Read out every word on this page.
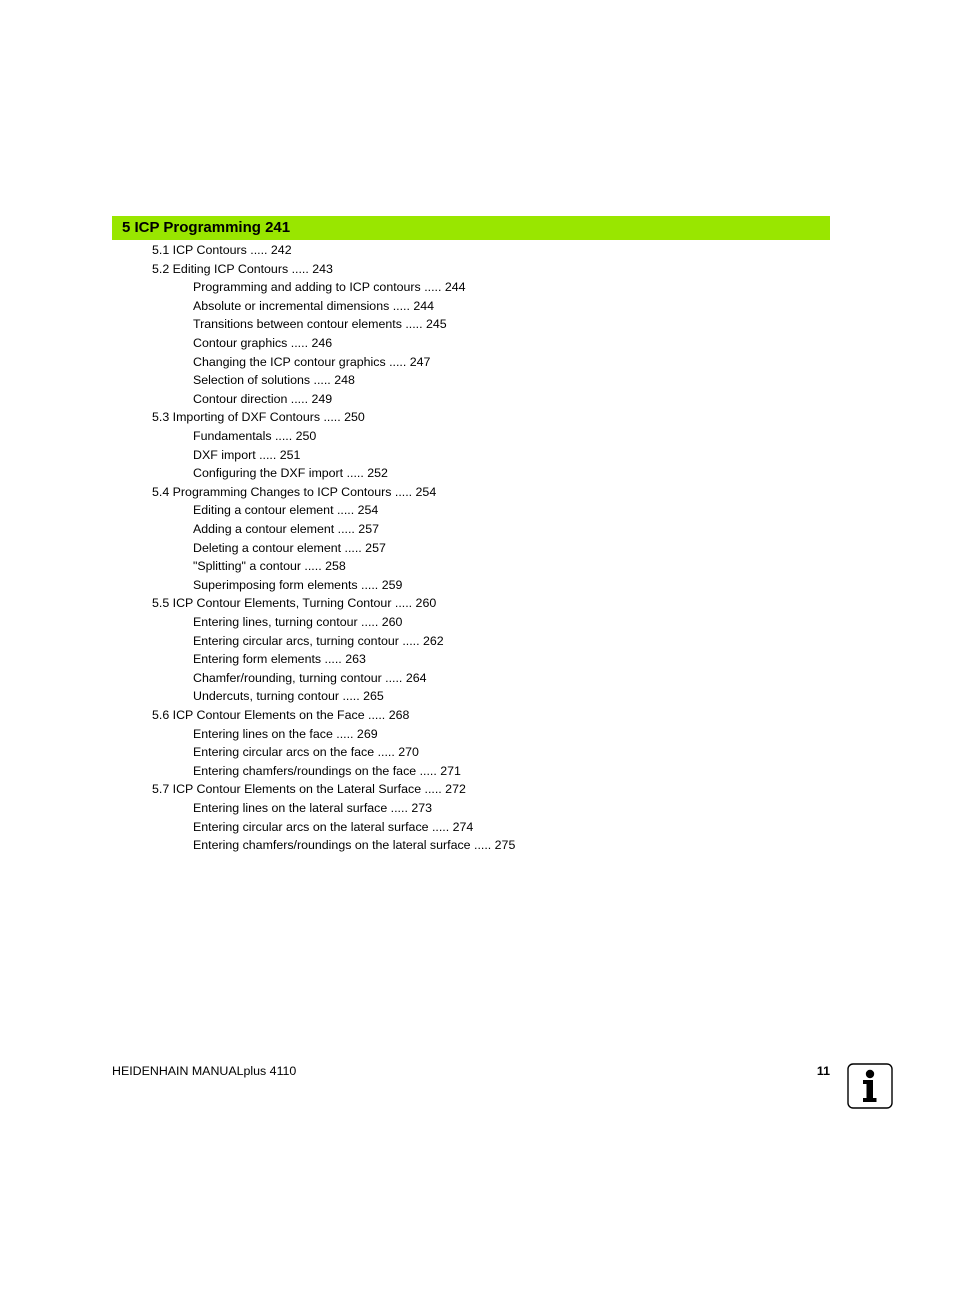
5 ICP Programming 241
5.1 ICP Contours ..... 242
5.2 Editing ICP Contours ..... 243
Programming and adding to ICP contours ..... 244
Absolute or incremental dimensions ..... 244
Transitions between contour elements ..... 245
Contour graphics ..... 246
Changing the ICP contour graphics ..... 247
Selection of solutions ..... 248
Contour direction ..... 249
5.3 Importing of DXF Contours ..... 250
Fundamentals ..... 250
DXF import ..... 251
Configuring the DXF import ..... 252
5.4 Programming Changes to ICP Contours ..... 254
Editing a contour element ..... 254
Adding a contour element ..... 257
Deleting a contour element ..... 257
"Splitting" a contour ..... 258
Superimposing form elements ..... 259
5.5 ICP Contour Elements, Turning Contour ..... 260
Entering lines, turning contour ..... 260
Entering circular arcs, turning contour ..... 262
Entering form elements ..... 263
Chamfer/rounding, turning contour ..... 264
Undercuts, turning contour ..... 265
5.6 ICP Contour Elements on the Face ..... 268
Entering lines on the face ..... 269
Entering circular arcs on the face ..... 270
Entering chamfers/roundings on the face ..... 271
5.7 ICP Contour Elements on the Lateral Surface ..... 272
Entering lines on the lateral surface ..... 273
Entering circular arcs on the lateral surface ..... 274
Entering chamfers/roundings on the lateral surface ..... 275
HEIDENHAIN MANUALplus 4110	11
